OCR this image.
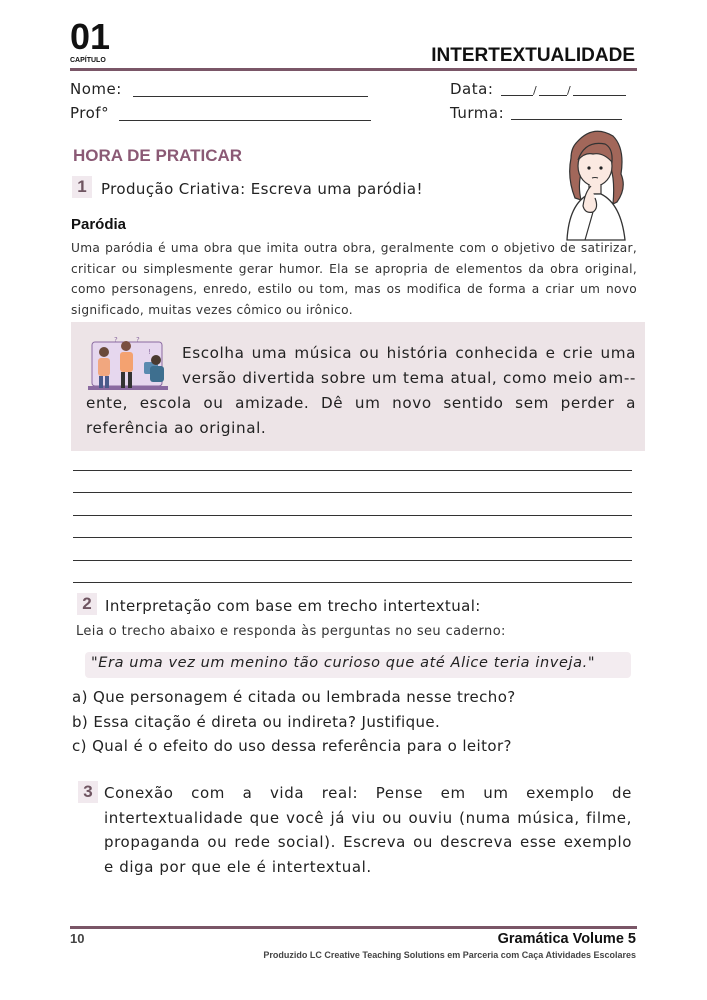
01
CAPÍTULO	INTERTEXTUALIDADE
Nome:	Data:	/	/
Prof°	Turma:
HORA DE PRATICAR
1 Produção Criativa: Escreva uma paródia!
Paródia
Uma paródia é uma obra que imita outra obra, geralmente com o objetivo de satirizar, criticar ou simplesmente gerar humor. Ela se apropria de elementos da obra original, como personagens, enredo, estilo ou tom, mas os modifica de forma a criar um novo significado, muitas vezes cômico ou irônico.
?	?
!	Escolha uma música ou história conhecida e crie uma versão divertida sobre um tema atual, como meio am--ente, escola ou amizade. Dê um novo sentido sem perder a referência ao original.
2 Interpretação com base em trecho intertextual:
Leia o trecho abaixo e responda às perguntas no seu caderno:
"Era uma vez um menino tão curioso que até Alice teria inveja."
a) Que personagem é citada ou lembrada nesse trecho?
b) Essa citação é direta ou indireta? Justifique.
c) Qual é o efeito do uso dessa referência para o leitor?
3 Conexão com a vida real: Pense em um exemplo de intertextualidade que você já viu ou ouviu (numa música, filme, propaganda ou rede social). Escreva ou descreva esse exemplo e diga por que ele é intertextual.
10	Gramática Volume 5
Produzido LC Creative Teaching Solutions em Parceria com Caça Atividades Escolares
